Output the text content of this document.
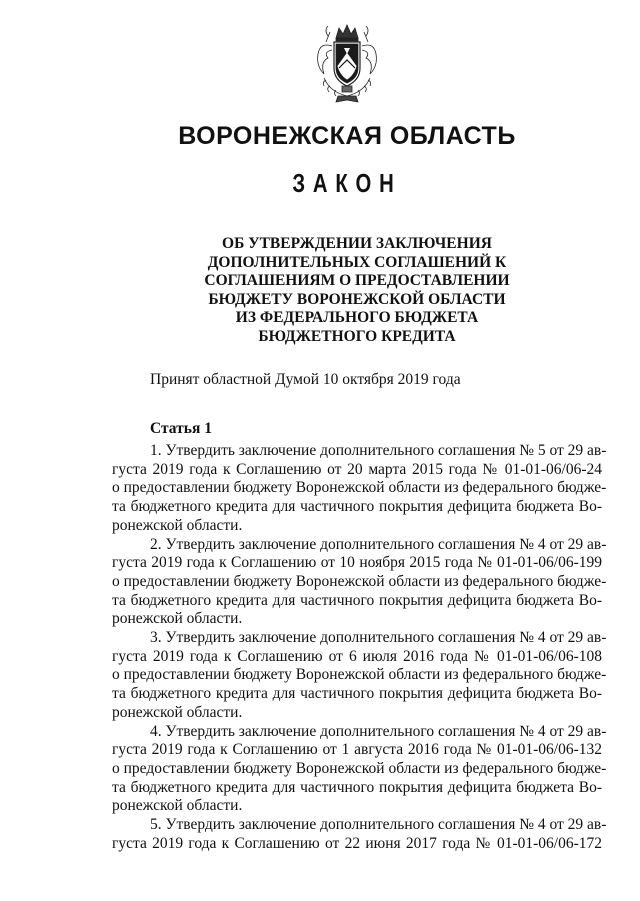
ВОРОНЕЖСКАЯ ОБЛАСТЬ
ЗАКОН
ОБ УТВЕРЖДЕНИИ ЗАКЛЮЧЕНИЯ
ДОПОЛНИТЕЛЬНЫХ СОГЛАШЕНИЙ К
СОГЛАШЕНИЯМ О ПРЕДОСТАВЛЕНИИ
БЮДЖЕТУ ВОРОНЕЖСКОЙ ОБЛАСТИ
ИЗ ФЕДЕРАЛЬНОГО БЮДЖЕТА
БЮДЖЕТНОГО КРЕДИТА
Принят областной Думой 10 октября 2019 года
Статья 1
1. Утвердить заключение дополнительного соглашения № 5 от 29 ав-
густа 2019 года к Соглашению от 20 марта 2015 года № 01-01-06/06-24
о предоставлении бюджету Воронежской области из федерального бюдже-
та бюджетного кредита для частичного покрытия дефицита бюджета Во-
ронежской области.
2. Утвердить заключение дополнительного соглашения № 4 от 29 ав-
густа 2019 года к Соглашению от 10 ноября 2015 года № 01-01-06/06-199
о предоставлении бюджету Воронежской области из федерального бюдже-
та бюджетного кредита для частичного покрытия дефицита бюджета Во-
ронежской области.
3. Утвердить заключение дополнительного соглашения № 4 от 29 ав-
густа 2019 года к Соглашению от 6 июля 2016 года № 01-01-06/06-108
о предоставлении бюджету Воронежской области из федерального бюдже-
та бюджетного кредита для частичного покрытия дефицита бюджета Во-
ронежской области.
4. Утвердить заключение дополнительного соглашения № 4 от 29 ав-
густа 2019 года к Соглашению от 1 августа 2016 года № 01-01-06/06-132
о предоставлении бюджету Воронежской области из федерального бюдже-
та бюджетного кредита для частичного покрытия дефицита бюджета Во-
ронежской области.
5. Утвердить заключение дополнительного соглашения № 4 от 29 ав-
густа 2019 года к Соглашению от 22 июня 2017 года № 01-01-06/06-172
